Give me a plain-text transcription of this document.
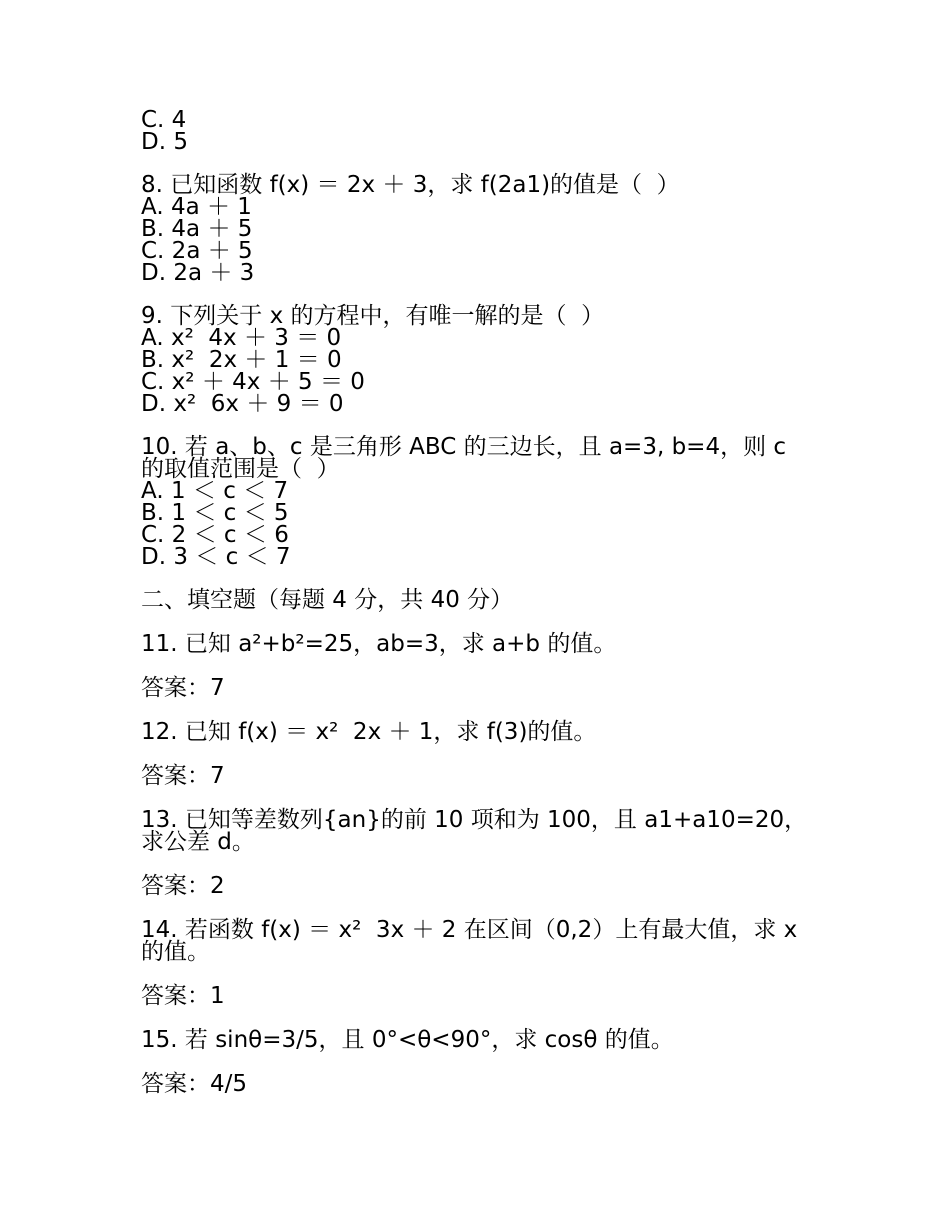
C. 4
D. 5
8. 已知函数 f(x) ＝ 2x ＋ 3，求 f(2a1)的值是（  ）
A. 4a ＋ 1
B. 4a ＋ 5
C. 2a ＋ 5
D. 2a ＋ 3
9. 下列关于 x 的方程中，有唯一解的是（  ）
A. x²  4x ＋ 3 ＝ 0
B. x²  2x ＋ 1 ＝ 0
C. x² ＋ 4x ＋ 5 ＝ 0
D. x²  6x ＋ 9 ＝ 0
10. 若 a、b、c 是三角形 ABC 的三边长，且 a=3, b=4，则 c
的取值范围是（  ）
A. 1 ＜ c ＜ 7
B. 1 ＜ c ＜ 5
C. 2 ＜ c ＜ 6
D. 3 ＜ c ＜ 7
二、填空题（每题 4 分，共 40 分）
11. 已知 a²+b²=25，ab=3，求 a+b 的值。
答案：7
12. 已知 f(x) ＝ x²  2x ＋ 1，求 f(3)的值。
答案：7
13. 已知等差数列{an}的前 10 项和为 100，且 a1+a10=20，
求公差 d。
答案：2
14. 若函数 f(x) ＝ x²  3x ＋ 2 在区间（0,2）上有最大值，求 x
的值。
答案：1
15. 若 sinθ=3/5，且 0°<θ<90°，求 cosθ 的值。
答案：4/5
